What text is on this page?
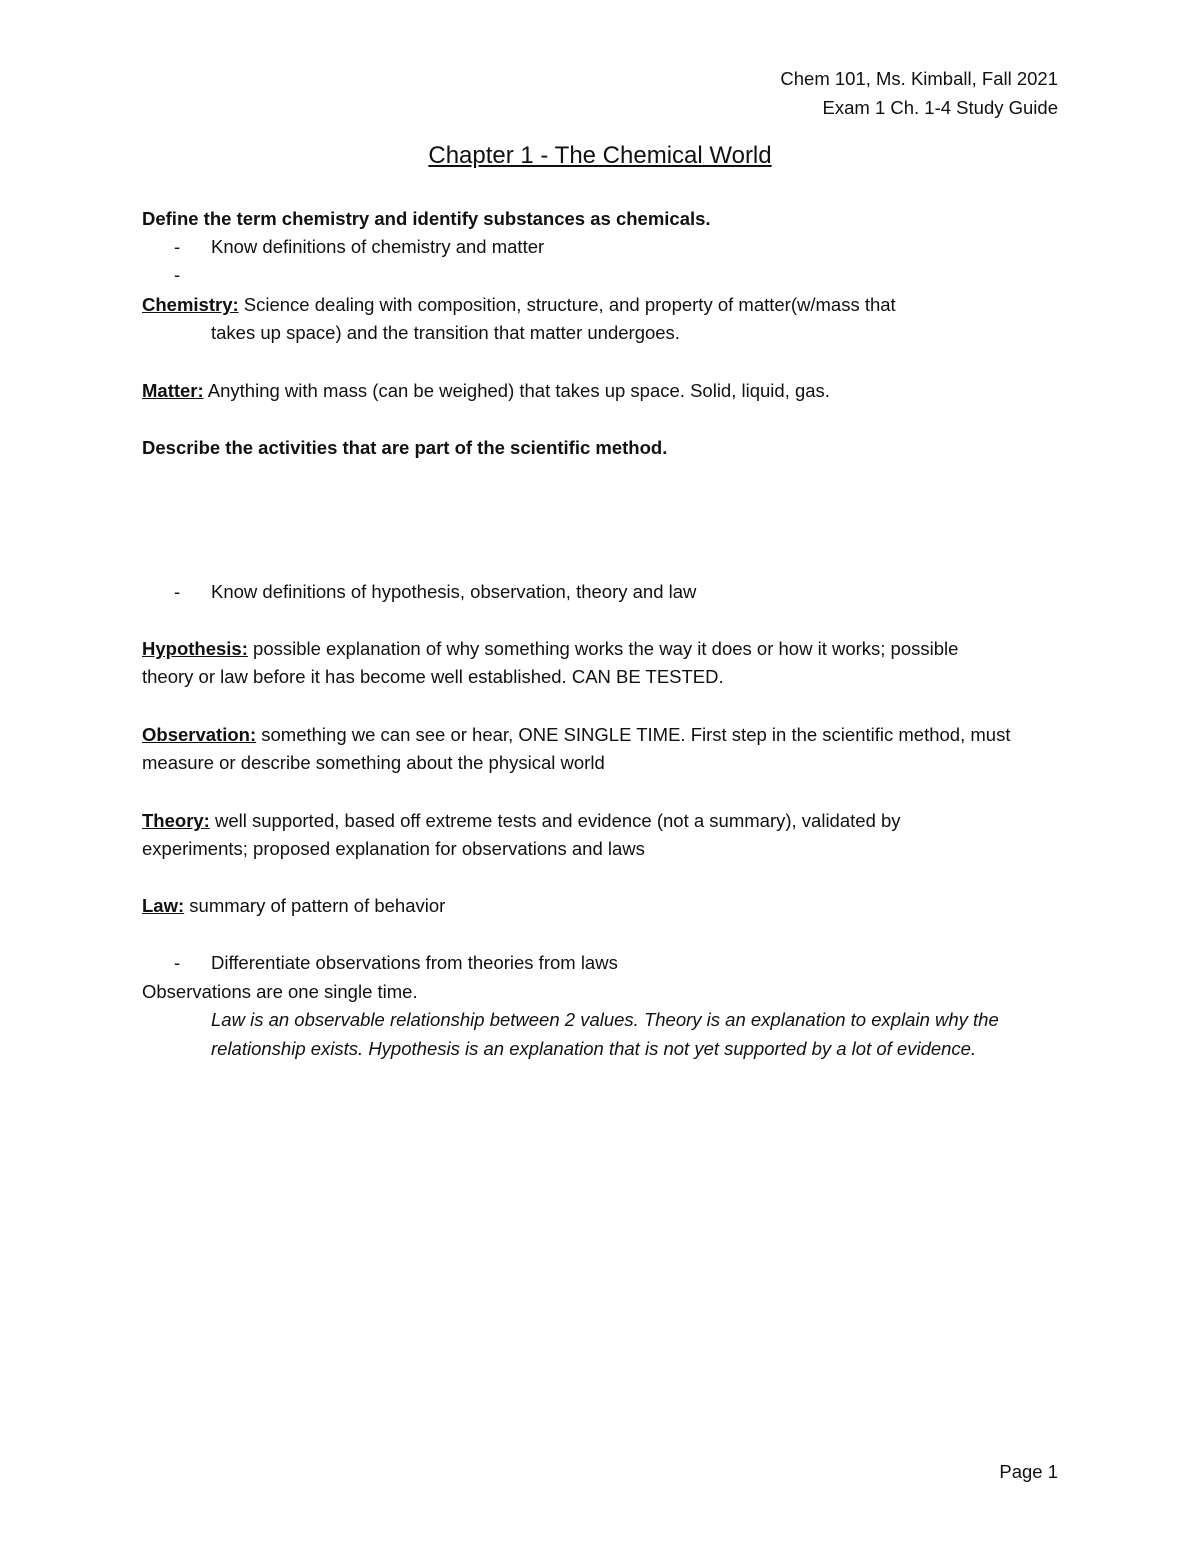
Chem 101, Ms. Kimball, Fall 2021
Exam 1 Ch. 1-4 Study Guide
Chapter 1 - The Chemical World
Define the term chemistry and identify substances as chemicals.
- Know definitions of chemistry and matter
-
Chemistry: Science dealing with composition, structure, and property of matter(w/mass that
takes up space) and the transition that matter undergoes.
Matter: Anything with mass (can be weighed) that takes up space. Solid, liquid, gas.
Describe the activities that are part of the scientific method.
- Know definitions of hypothesis, observation, theory and law
Hypothesis: possible explanation of why something works the way it does or how it works; possible
theory or law before it has become well established. CAN BE TESTED.
Observation: something we can see or hear, ONE SINGLE TIME. First step in the scientific method, must
measure or describe something about the physical world
Theory: well supported, based off extreme tests and evidence (not a summary), validated by
experiments; proposed explanation for observations and laws
Law: summary of pattern of behavior
- Differentiate observations from theories from laws
Observations are one single time.
Law is an observable relationship between 2 values. Theory is an explanation to explain why the
relationship exists. Hypothesis is an explanation that is not yet supported by a lot of evidence.
Page 1
